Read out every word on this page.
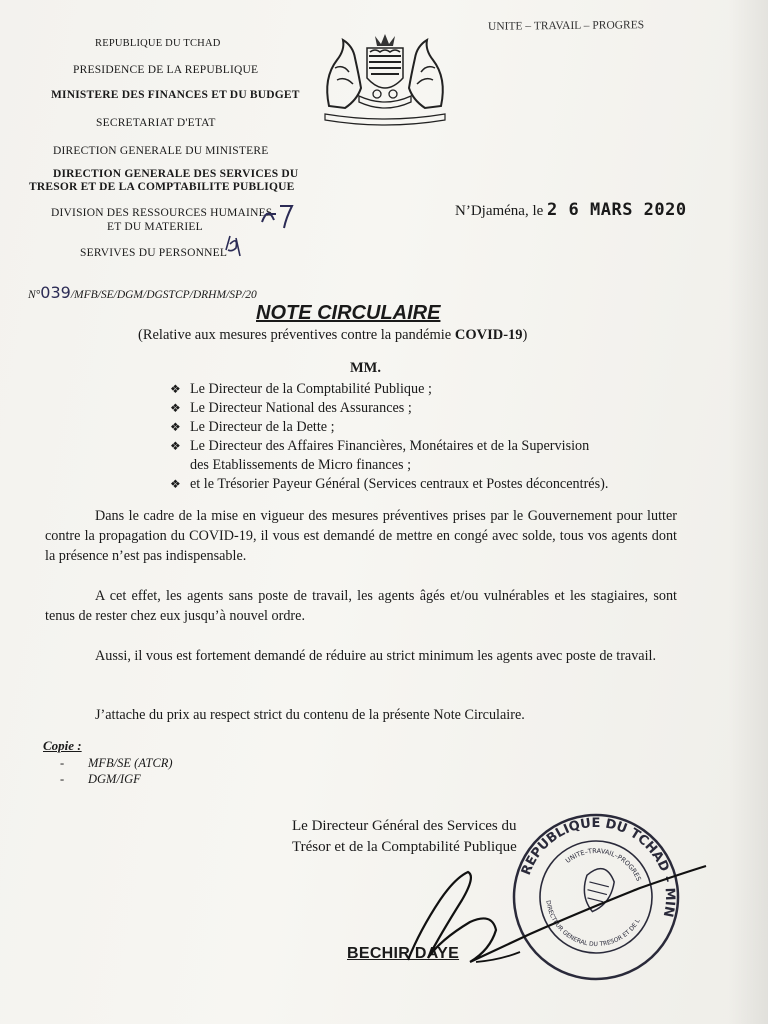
REPUBLIQUE DU TCHAD
PRESIDENCE DE LA REPUBLIQUE
MINISTERE DES FINANCES ET DU BUDGET
SECRETARIAT D'ETAT
DIRECTION GENERALE DU MINISTERE
DIRECTION GENERALE DES SERVICES DU
TRESOR ET DE LA COMPTABILITE PUBLIQUE
DIVISION DES RESSOURCES HUMAINES
ET DU MATERIEL
SERVIVES DU PERSONNEL
UNITE – TRAVAIL – PROGRES
N’Djaména, le 2 6 MARS 2020
N°039/MFB/SE/DGM/DGSTCP/DRHM/SP/20
NOTE CIRCULAIRE
(Relative aux mesures préventives contre la pandémie COVID-19)
MM.
❖ Le Directeur de la Comptabilité Publique ;
❖ Le Directeur National des Assurances ;
❖ Le Directeur de la Dette ;
❖ Le Directeur des Affaires Financières, Monétaires et de la Supervision
des Etablissements de Micro finances ;
❖ et le Trésorier Payeur Général (Services centraux et Postes déconcentrés).

Dans le cadre de la mise en vigueur des mesures préventives prises par le Gouvernement pour lutter contre la propagation du COVID-19, il vous est demandé de mettre en congé avec solde, tous vos agents dont la présence n’est pas indispensable.

A cet effet, les agents sans poste de travail, les agents âgés et/ou vulnérables et les stagiaires, sont tenus de rester chez eux jusqu’à nouvel ordre.

Aussi, il vous est fortement demandé de réduire au strict minimum les agents avec poste de travail.

J’attache du prix au respect strict du contenu de la présente Note Circulaire.

Copie :
- MFB/SE (ATCR)
- DGM/IGF
Le Directeur Général des Services du
Trésor et de la Comptabilité Publique
BECHIR DAYE
REPUBLIQUE DU TCHAD – MINISTERE
UNITE–TRAVAIL–PROGRES
DIRECTEUR GENERAL DU TRESOR ET DE LA
